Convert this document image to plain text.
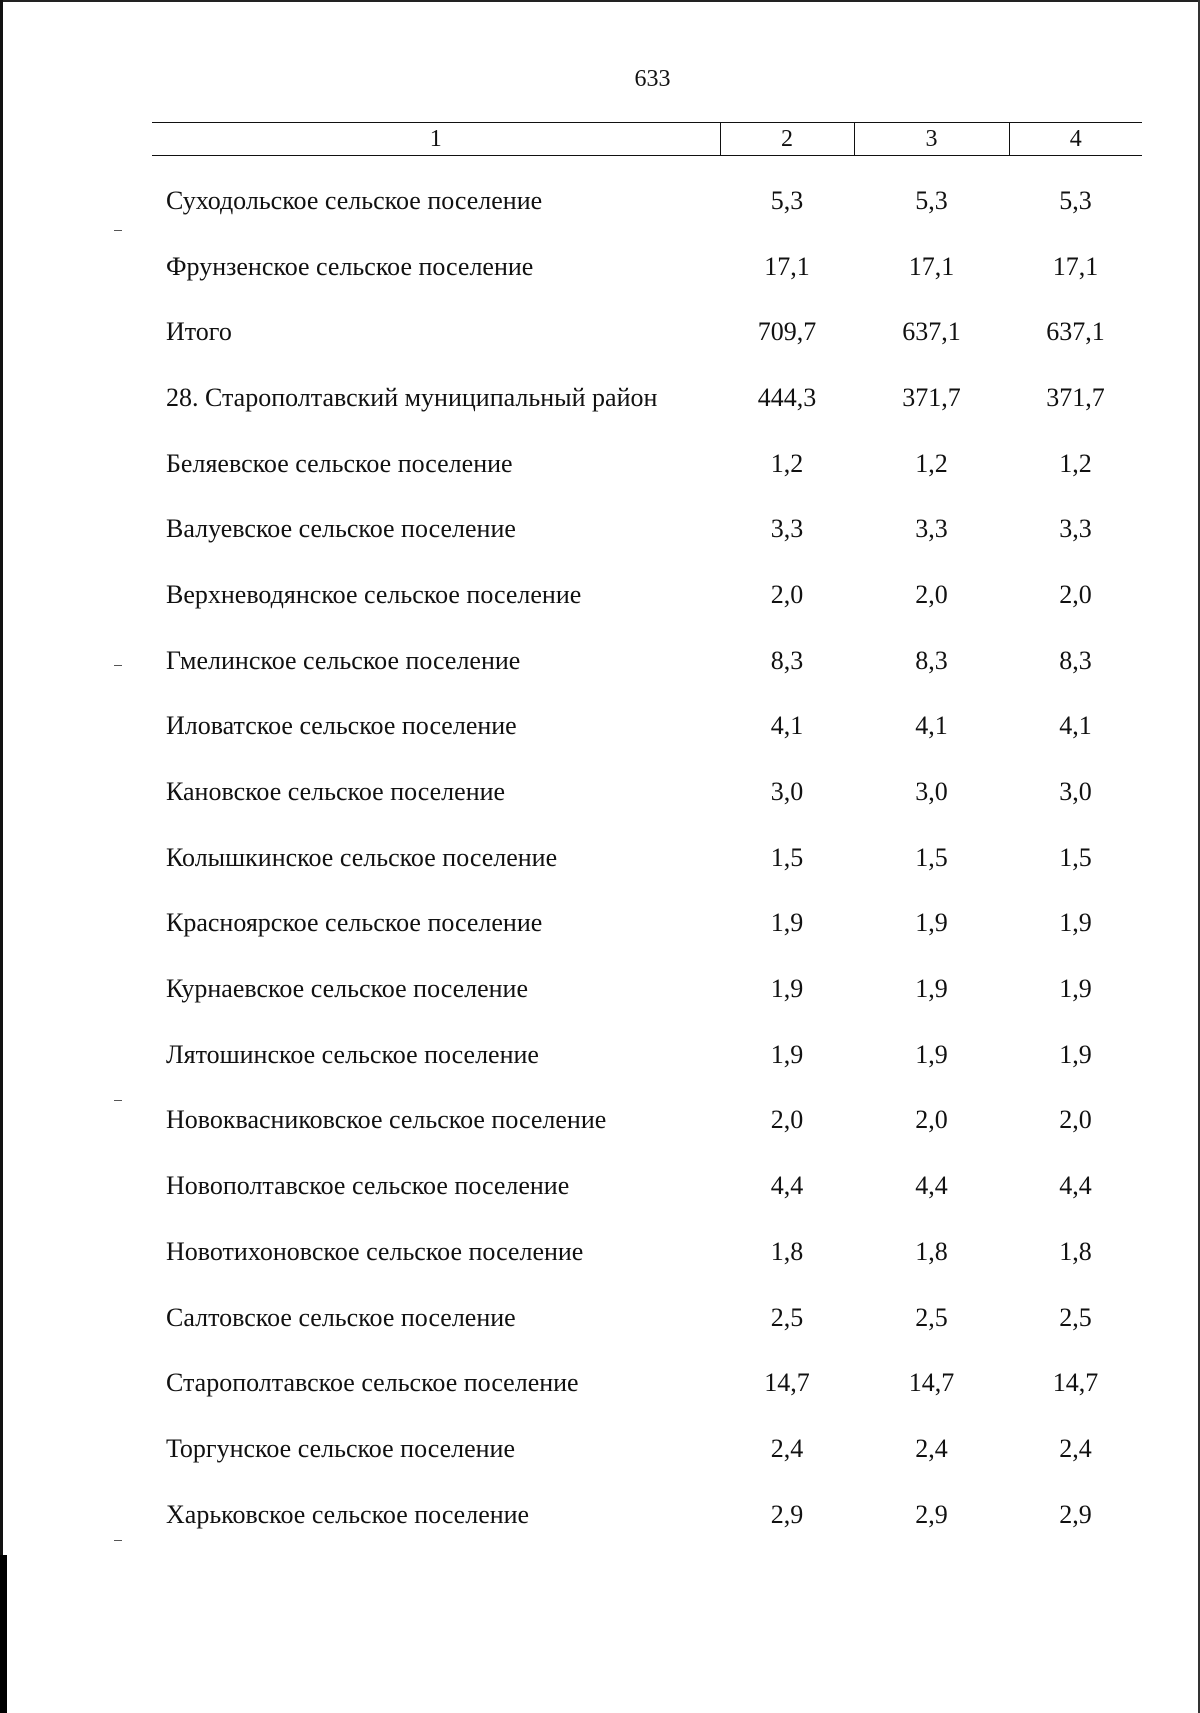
633
1	2	3	4
Суходольское сельское поселение	5,3	5,3	5,3
Фрунзенское сельское поселение	17,1	17,1	17,1
Итого	709,7	637,1	637,1
28. Старополтавский муниципальный район	444,3	371,7	371,7
Беляевское сельское поселение	1,2	1,2	1,2
Валуевское сельское поселение	3,3	3,3	3,3
Верхневодянское сельское поселение	2,0	2,0	2,0
Гмелинское сельское поселение	8,3	8,3	8,3
Иловатское сельское поселение	4,1	4,1	4,1
Кановское сельское поселение	3,0	3,0	3,0
Колышкинское сельское поселение	1,5	1,5	1,5
Красноярское сельское поселение	1,9	1,9	1,9
Курнаевское сельское поселение	1,9	1,9	1,9
Лятошинское сельское поселение	1,9	1,9	1,9
Новоквасниковское сельское поселение	2,0	2,0	2,0
Новополтавское сельское поселение	4,4	4,4	4,4
Новотихоновское сельское поселение	1,8	1,8	1,8
Салтовское сельское поселение	2,5	2,5	2,5
Старополтавское сельское поселение	14,7	14,7	14,7
Торгунское сельское поселение	2,4	2,4	2,4
Харьковское сельское поселение	2,9	2,9	2,9
